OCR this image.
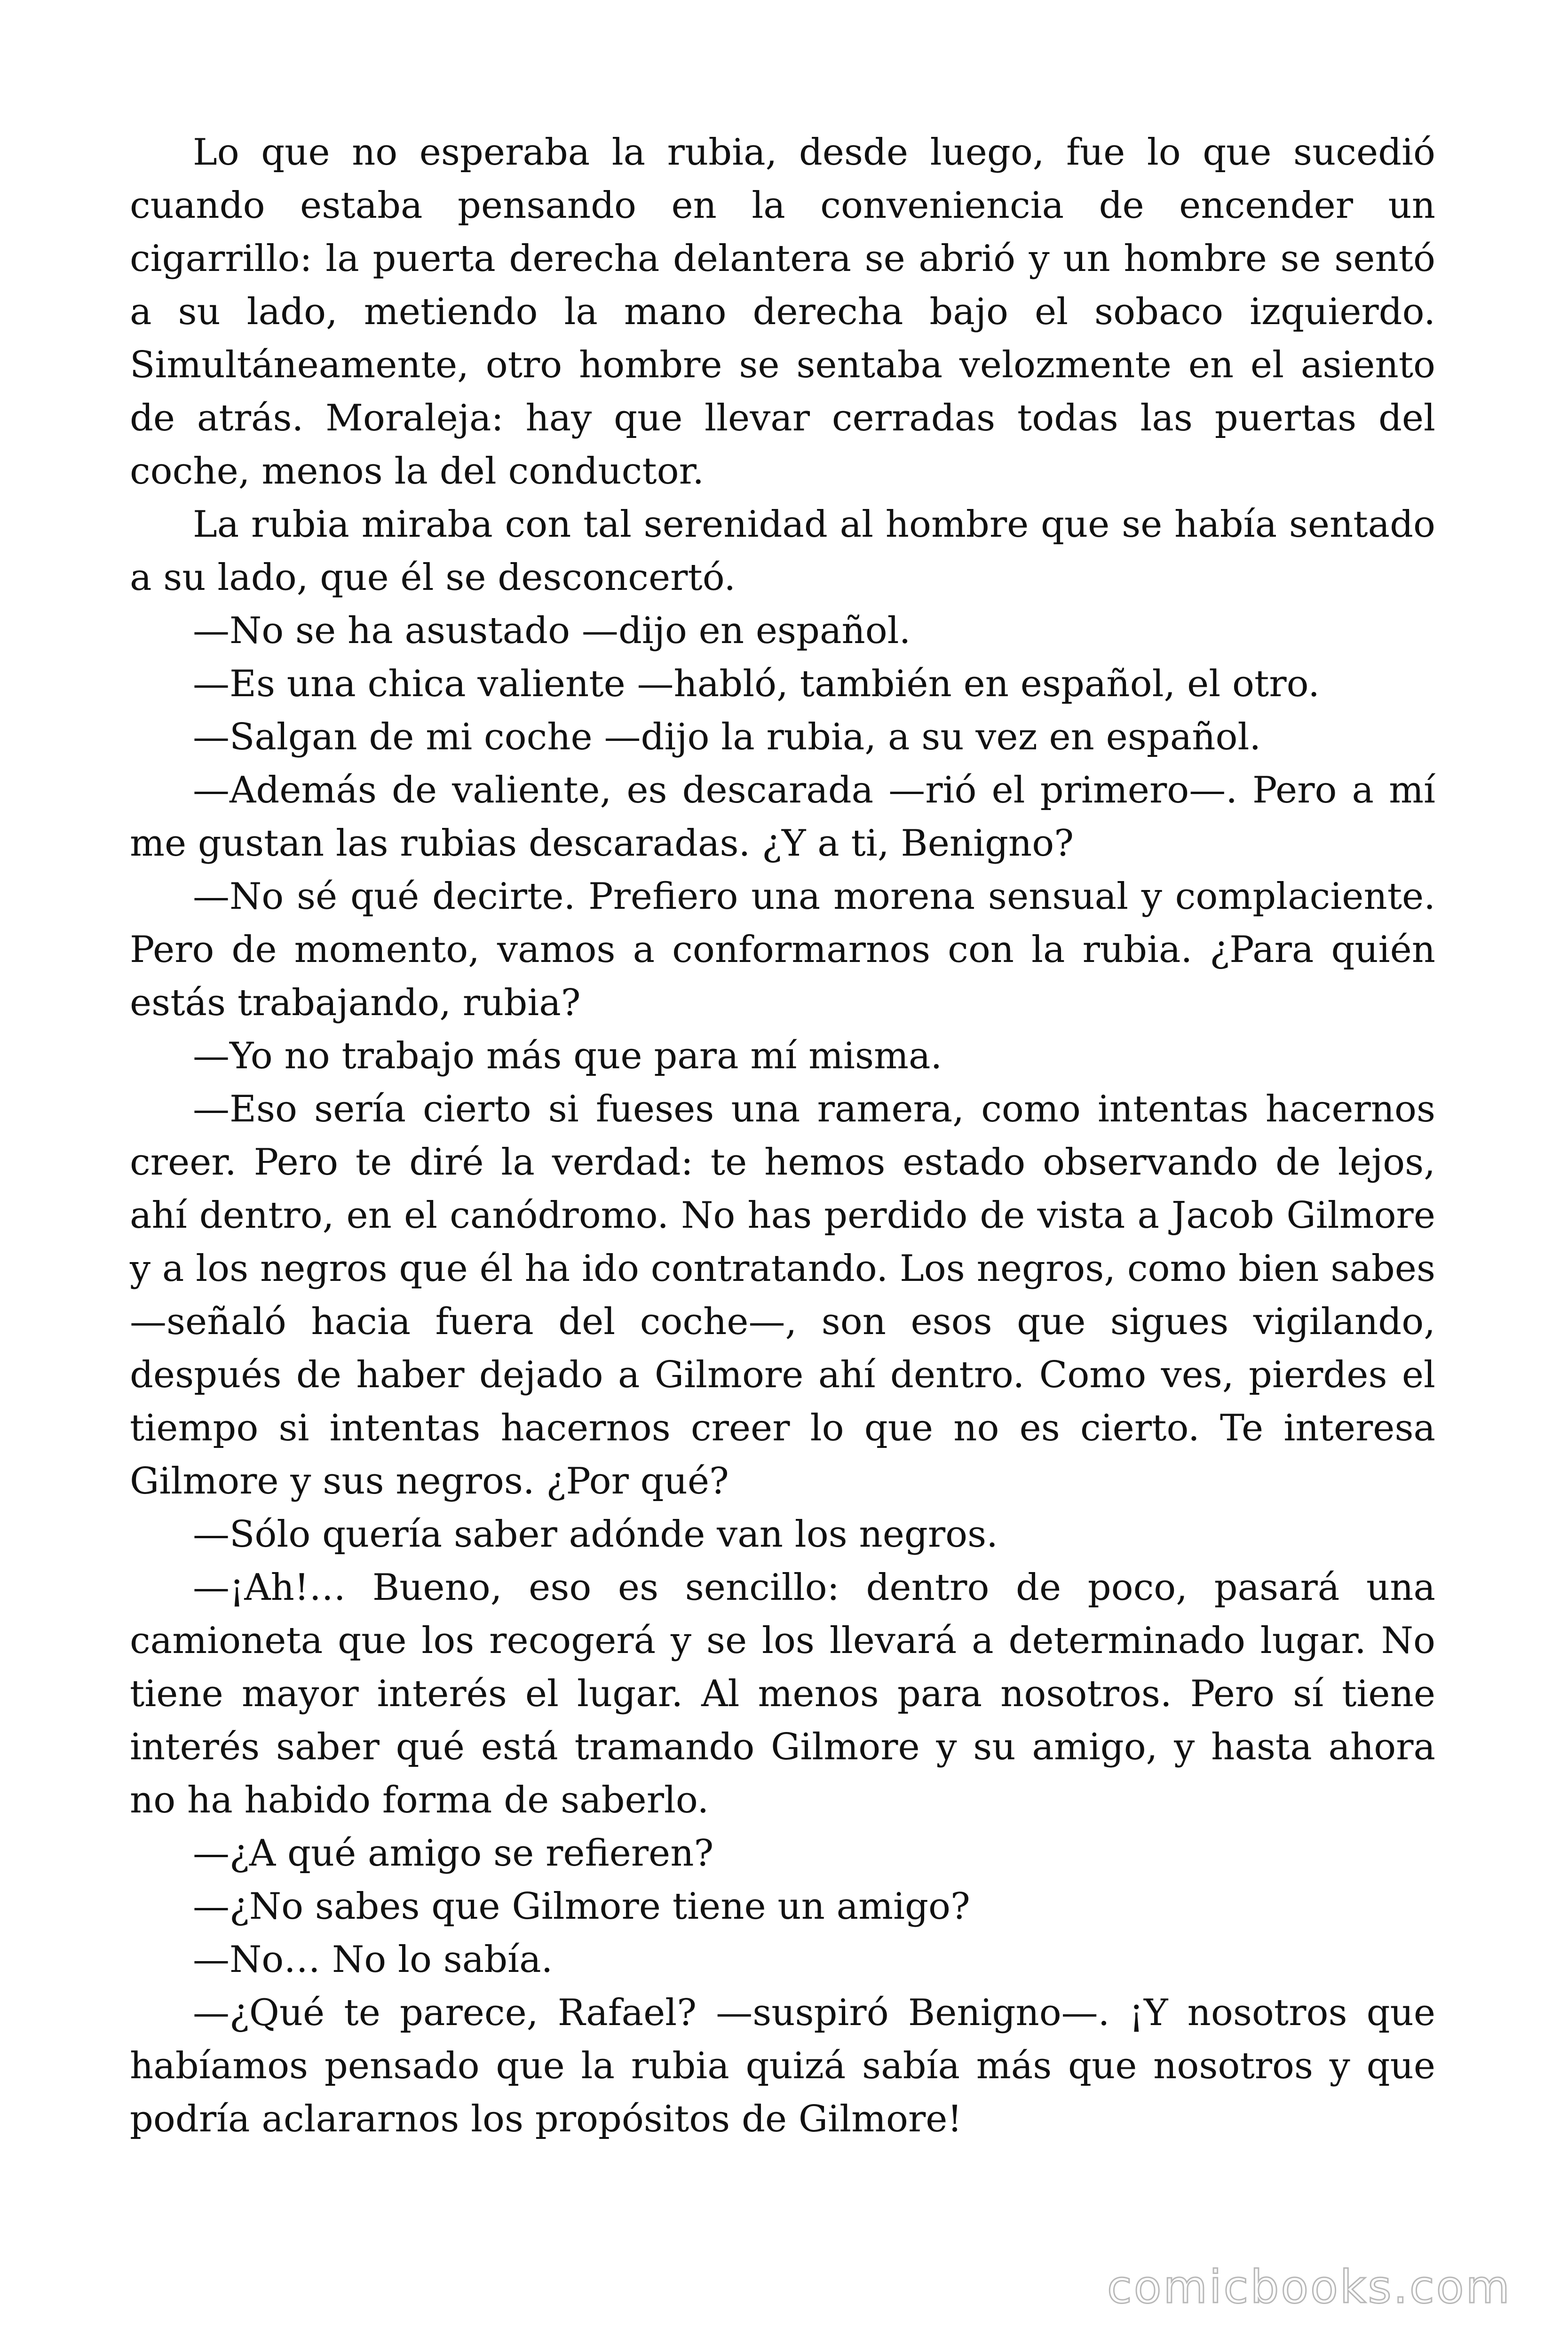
Lo que no esperaba la rubia, desde luego, fue lo que sucedió cuando estaba pensando en la conveniencia de encender un cigarrillo: la puerta derecha delantera se abrió y un hombre se sentó a su lado, metiendo la mano derecha bajo el sobaco izquierdo. Simultáneamente, otro hombre se sentaba velozmente en el asiento de atrás. Moraleja: hay que llevar cerradas todas las puertas del coche, menos la del conductor.

La rubia miraba con tal serenidad al hombre que se había sentado a su lado, que él se desconcertó.

—No se ha asustado —dijo en español.

—Es una chica valiente —habló, también en español, el otro.

—Salgan de mi coche —dijo la rubia, a su vez en español.

—Además de valiente, es descarada —rió el primero—. Pero a mí me gustan las rubias descaradas. ¿Y a ti, Benigno?

—No sé qué decirte. Prefiero una morena sensual y complaciente. Pero de momento, vamos a conformarnos con la rubia. ¿Para quién estás trabajando, rubia?

—Yo no trabajo más que para mí misma.

—Eso sería cierto si fueses una ramera, como intentas hacernos creer. Pero te diré la verdad: te hemos estado observando de lejos, ahí dentro, en el canódromo. No has perdido de vista a Jacob Gilmore y a los negros que él ha ido contratando. Los negros, como bien sabes —señaló hacia fuera del coche—, son esos que sigues vigilando, después de haber dejado a Gilmore ahí dentro. Como ves, pierdes el tiempo si intentas hacernos creer lo que no es cierto. Te interesa Gilmore y sus negros. ¿Por qué?

—Sólo quería saber adónde van los negros.

—¡Ah!… Bueno, eso es sencillo: dentro de poco, pasará una camioneta que los recogerá y se los llevará a determinado lugar. No tiene mayor interés el lugar. Al menos para nosotros. Pero sí tiene interés saber qué está tramando Gilmore y su amigo, y hasta ahora no ha habido forma de saberlo.

—¿A qué amigo se refieren?

—¿No sabes que Gilmore tiene un amigo?

—No… No lo sabía.

—¿Qué te parece, Rafael? —suspiró Benigno—. ¡Y nosotros que habíamos pensado que la rubia quizá sabía más que nosotros y que podría aclararnos los propósitos de Gilmore!

comicbooks.com
